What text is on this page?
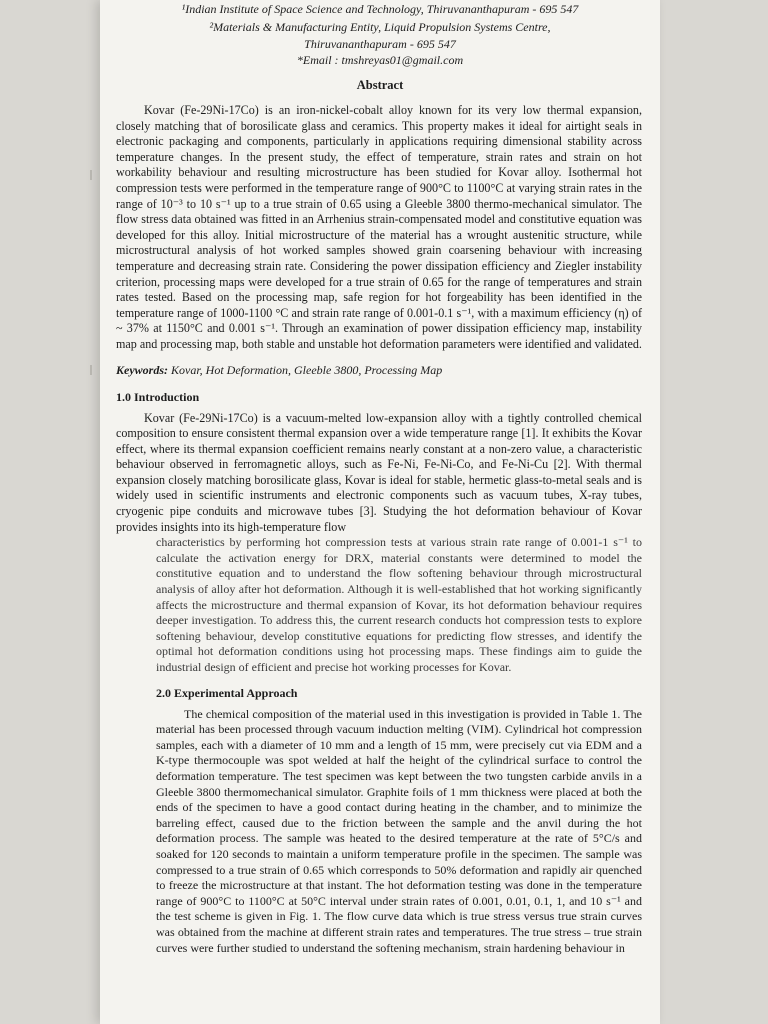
¹Indian Institute of Space Science and Technology, Thiruvananthapuram - 695 547
²Materials & Manufacturing Entity, Liquid Propulsion Systems Centre,
Thiruvananthapuram - 695 547
*Email : tmshreyas01@gmail.com
Abstract

Kovar (Fe-29Ni-17Co) is an iron-nickel-cobalt alloy known for its very low thermal expansion, closely matching that of borosilicate glass and ceramics. This property makes it ideal for airtight seals in electronic packaging and components, particularly in applications requiring dimensional stability across temperature changes. In the present study, the effect of temperature, strain rates and strain on hot workability behaviour and resulting microstructure has been studied for Kovar alloy. Isothermal hot compression tests were performed in the temperature range of 900°C to 1100°C at varying strain rates in the range of 10⁻³ to 10 s⁻¹ up to a true strain of 0.65 using a Gleeble 3800 thermo-mechanical simulator. The flow stress data obtained was fitted in an Arrhenius strain-compensated model and constitutive equation was developed for this alloy. Initial microstructure of the material has a wrought austenitic structure, while microstructural analysis of hot worked samples showed grain coarsening behaviour with increasing temperature and decreasing strain rate. Considering the power dissipation efficiency and Ziegler instability criterion, processing maps were developed for a true strain of 0.65 for the range of temperatures and strain rates tested. Based on the processing map, safe region for hot forgeability has been identified in the temperature range of 1000-1100 °C and strain rate range of 0.001-0.1 s⁻¹, with a maximum efficiency (η) of ~ 37% at 1150°C and 0.001 s⁻¹. Through an examination of power dissipation efficiency map, instability map and processing map, both stable and unstable hot deformation parameters were identified and validated.

Keywords: Kovar, Hot Deformation, Gleeble 3800, Processing Map
1.0 Introduction

Kovar (Fe-29Ni-17Co) is a vacuum-melted low-expansion alloy with a tightly controlled chemical composition to ensure consistent thermal expansion over a wide temperature range [1]. It exhibits the Kovar effect, where its thermal expansion coefficient remains nearly constant at a non-zero value, a characteristic behaviour observed in ferromagnetic alloys, such as Fe-Ni, Fe-Ni-Co, and Fe-Ni-Cu [2]. With thermal expansion closely matching borosilicate glass, Kovar is ideal for stable, hermetic glass-to-metal seals and is widely used in scientific instruments and electronic components such as vacuum tubes, X-ray tubes, cryogenic pipe conduits and microwave tubes [3]. Studying the hot deformation behaviour of Kovar provides insights into its high-temperature flow

characteristics by performing hot compression tests at various strain rate range of 0.001-1 s⁻¹ to calculate the activation energy for DRX, material constants were determined to model the constitutive equation and to understand the flow softening behaviour through microstructural analysis of alloy after hot deformation. Although it is well-established that hot working significantly affects the microstructure and thermal expansion of Kovar, its hot deformation behaviour requires deeper investigation. To address this, the current research conducts hot compression tests to explore softening behaviour, develop constitutive equations for predicting flow stresses, and identify the optimal hot deformation conditions using hot processing maps. These findings aim to guide the industrial design of efficient and precise hot working processes for Kovar.

2.0 Experimental Approach

The chemical composition of the material used in this investigation is provided in Table 1. The material has been processed through vacuum induction melting (VIM). Cylindrical hot compression samples, each with a diameter of 10 mm and a length of 15 mm, were precisely cut via EDM and a K-type thermocouple was spot welded at half the height of the cylindrical surface to control the deformation temperature. The test specimen was kept between the two tungsten carbide anvils in a Gleeble 3800 thermomechanical simulator. Graphite foils of 1 mm thickness were placed at both the ends of the specimen to have a good contact during heating in the chamber, and to minimize the barreling effect, caused due to the friction between the sample and the anvil during the hot deformation process. The sample was heated to the desired temperature at the rate of 5°C/s and soaked for 120 seconds to maintain a uniform temperature profile in the specimen. The sample was compressed to a true strain of 0.65 which corresponds to 50% deformation and rapidly air quenched to freeze the microstructure at that instant. The hot deformation testing was done in the temperature range of 900°C to 1100°C at 50°C interval under strain rates of 0.001, 0.01, 0.1, 1, and 10 s⁻¹ and the test scheme is given in Fig. 1. The flow curve data which is true stress versus true strain curves was obtained from the machine at different strain rates and temperatures. The true stress – true strain curves were further studied to understand the softening mechanism, strain hardening behaviour in
